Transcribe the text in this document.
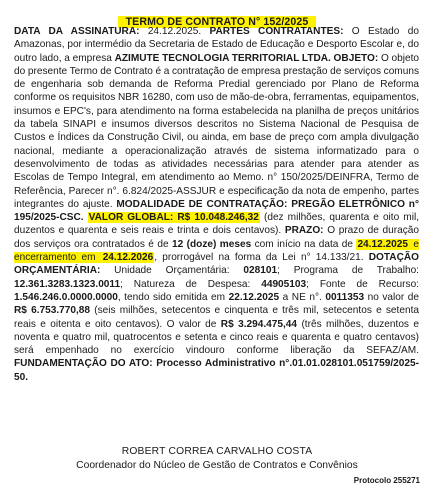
TERMO DE CONTRATO N° 152/2025
DATA DA ASSINATURA: 24.12.2025. PARTES CONTRATANTES: O Estado do Amazonas, por intermédio da Secretaria de Estado de Educação e Desporto Escolar e, do outro lado, a empresa AZIMUTE TECNOLOGIA TERRITORIAL LTDA. OBJETO: O objeto do presente Termo de Contrato é a contratação de empresa prestação de serviços comuns de engenharia sob demanda de Reforma Predial gerenciado por Plano de Reforma conforme os requisitos NBR 16280, com uso de mão-de-obra, ferramentas, equipamentos, insumos e EPC's, para atendimento na forma estabelecida na planilha de preços unitários da tabela SINAPI e insumos diversos descritos no Sistema Nacional de Pesquisa de Custos e Índices da Construção Civil, ou ainda, em base de preço com ampla divulgação nacional, mediante a operacionalização através de sistema informatizado para o desenvolvimento de todas as atividades necessárias para atender para atender as Escolas de Tempo Integral, em atendimento ao Memo. n° 150/2025/DEINFRA, Termo de Referência, Parecer n°. 6.824/2025-ASSJUR e especificação da nota de empenho, partes integrantes do ajuste. MODALIDADE DE CONTRATAÇÃO: PREGÃO ELETRÔNICO n° 195/2025-CSC. VALOR GLOBAL: R$ 10.048.246,32 (dez milhões, quarenta e oito mil, duzentos e quarenta e seis reais e trinta e dois centavos). PRAZO: O prazo de duração dos serviços ora contratados é de 12 (doze) meses com início na data de 24.12.2025 e encerramento em 24.12.2026, prorrogável na forma da Lei n° 14.133/21. DOTAÇÃO ORÇAMENTÁRIA: Unidade Orçamentária: 028101; Programa de Trabalho: 12.361.3283.1323.0011; Natureza de Despesa: 44905103; Fonte de Recurso: 1.546.246.0.0000.0000, tendo sido emitida em 22.12.2025 a NE n°. 0011353 no valor de R$ 6.753.770,88 (seis milhões, setecentos e cinquenta e três mil, setecentos e setenta reais e oitenta e oito centavos). O valor de R$ 3.294.475,44 (três milhões, duzentos e noventa e quatro mil, quatrocentos e setenta e cinco reais e quarenta e quatro centavos) será empenhado no exercício vindouro conforme liberação da SEFAZ/AM. FUNDAMENTAÇÃO DO ATO: Processo Administrativo n°.01.01.028101.051759/2025-50.
ROBERT CORREA CARVALHO COSTA
Coordenador do Núcleo de Gestão de Contratos e Convênios
Protocolo 255271
